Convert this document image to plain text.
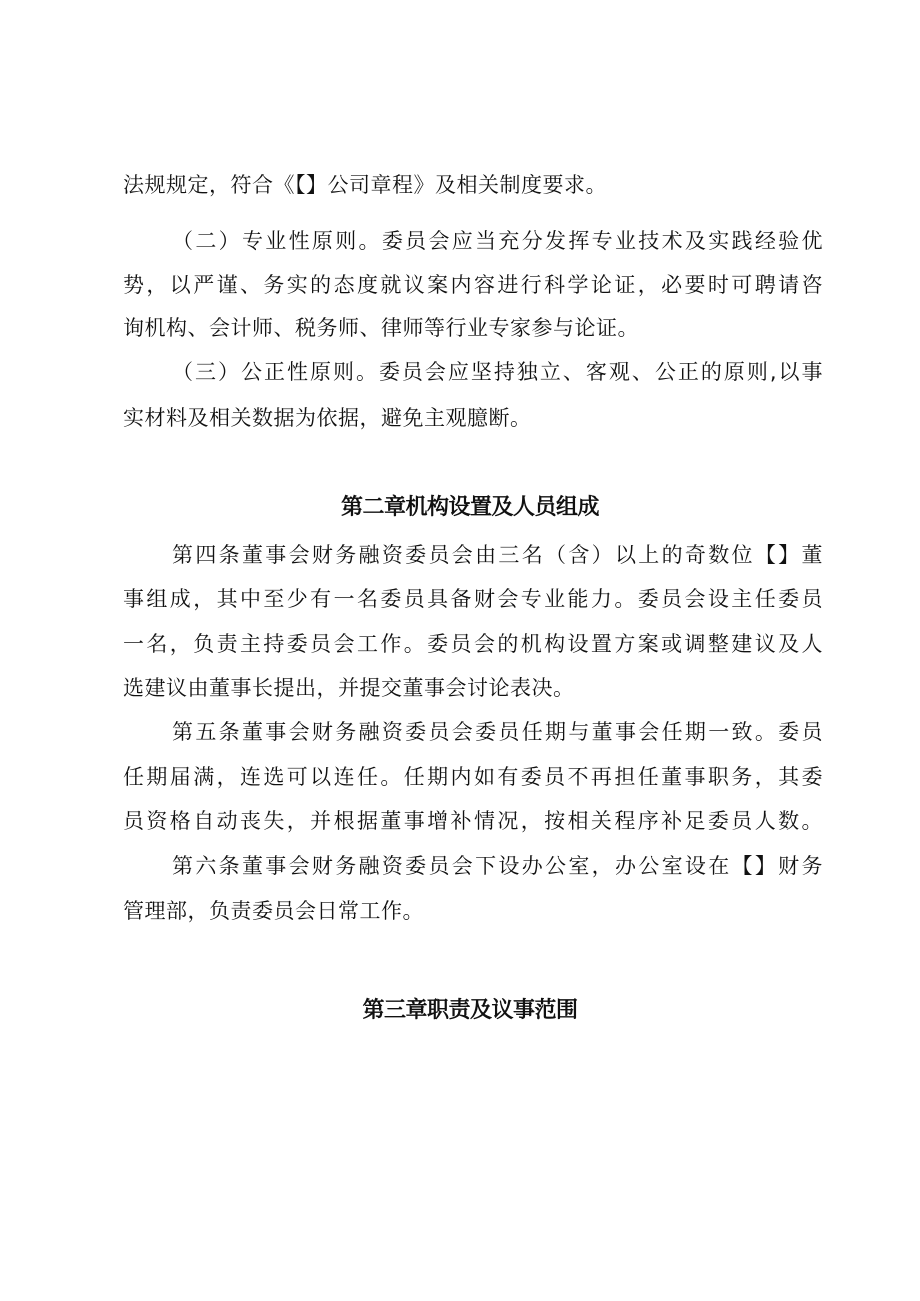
法规规定，符合《【】公司章程》及相关制度要求。
（二）专业性原则。委员会应当充分发挥专业技术及实践经验优
势，以严谨、务实的态度就议案内容进行科学论证，必要时可聘请咨
询机构、会计师、税务师、律师等行业专家参与论证。
（三）公正性原则。委员会应坚持独立、客观、公正的原则,以事
实材料及相关数据为依据，避免主观臆断。
第二章机构设置及人员组成
第四条董事会财务融资委员会由三名（含）以上的奇数位【】董
事组成，其中至少有一名委员具备财会专业能力。委员会设主任委员
一名，负责主持委员会工作。委员会的机构设置方案或调整建议及人
选建议由董事长提出，并提交董事会讨论表决。
第五条董事会财务融资委员会委员任期与董事会任期一致。委员
任期届满，连选可以连任。任期内如有委员不再担任董事职务，其委
员资格自动丧失，并根据董事增补情况，按相关程序补足委员人数。
第六条董事会财务融资委员会下设办公室，办公室设在【】财务
管理部，负责委员会日常工作。
第三章职责及议事范围
